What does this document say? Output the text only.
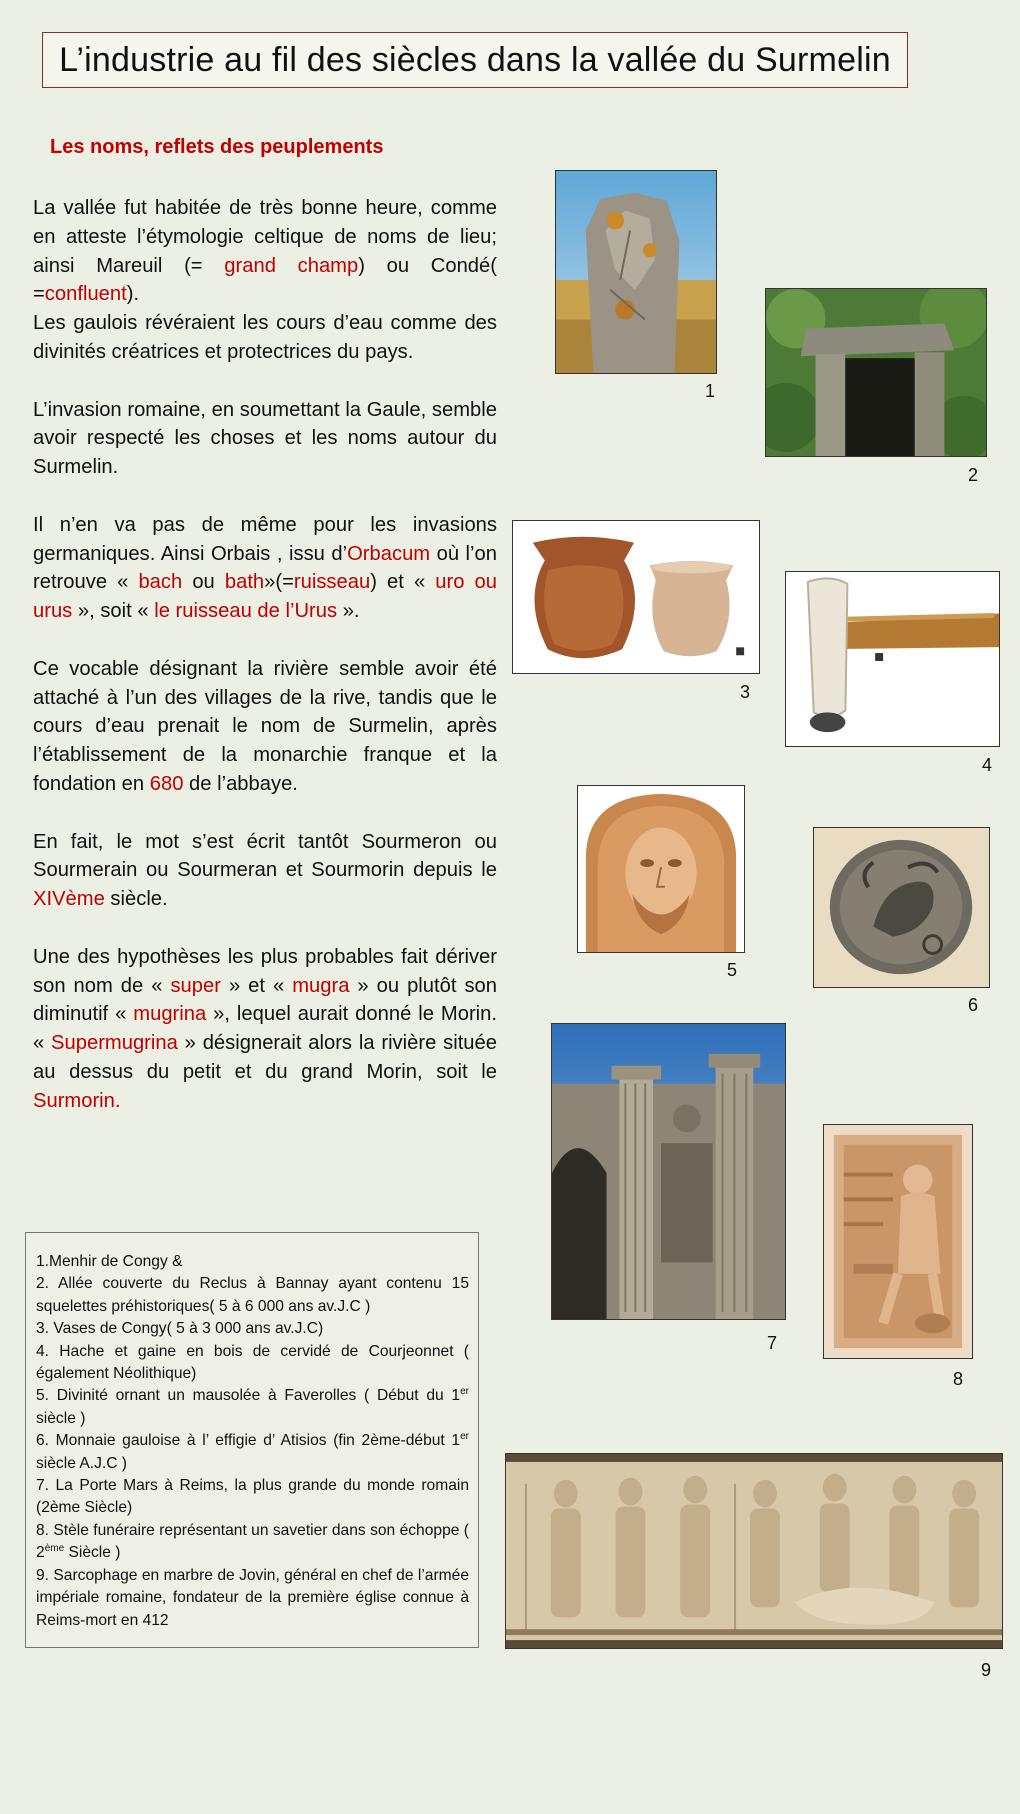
L’industrie au fil des siècles dans la vallée du Surmelin
Les noms, reflets des peuplements

La vallée fut habitée de très bonne heure, comme en atteste l’étymologie celtique de noms de lieu; ainsi Mareuil (= grand champ) ou Condé( =confluent).
Les gaulois révéraient les cours d’eau comme des divinités créatrices et protectrices du pays.

L’invasion romaine, en soumettant la Gaule, semble avoir respecté les choses et les noms autour du Surmelin.

Il n’en va pas de même pour les invasions germaniques. Ainsi Orbais , issu d’Orbacum où l’on retrouve « bach ou bath»(=ruisseau) et « uro ou urus », soit « le ruisseau de l’Urus ».

Ce vocable désignant la rivière semble avoir été attaché à l’un des villages de la rive, tandis que le cours d’eau prenait le nom de Surmelin, après l’établissement de la monarchie franque et la fondation en 680 de l’abbaye.

En fait, le mot s’est écrit tantôt Sourmeron ou Sourmerain ou Sourmeran et Sourmorin depuis le XIVème siècle.

Une des hypothèses les plus probables fait dériver son nom de « super » et « mugra » ou plutôt son diminutif « mugrina », lequel aurait donné le Morin. « Supermugrina » désignerait alors la rivière située au dessus du petit et du grand Morin, soit le Surmorin.

1
2
3
4
5
6
7
8
9
1.Menhir de Congy &
2. Allée couverte du Reclus à Bannay ayant contenu 15 squelettes préhistoriques( 5 à 6 000 ans av.J.C )
3. Vases de Congy( 5 à 3 000 ans av.J.C)
4. Hache et gaine en bois de cervidé de Courjeonnet ( également Néolithique)
5. Divinité ornant un mausolée à Faverolles ( Début du 1er siècle )
6. Monnaie gauloise à l’ effigie d’ Atisios (fin 2ème-début 1er siècle A.J.C )
7. La Porte Mars à Reims, la plus grande du monde romain (2ème Siècle)
8. Stèle funéraire représentant un savetier dans son échoppe ( 2ème Siècle )
9. Sarcophage en marbre de Jovin, général en chef de l’armée impériale romaine, fondateur de la première église connue à Reims-mort en 412
